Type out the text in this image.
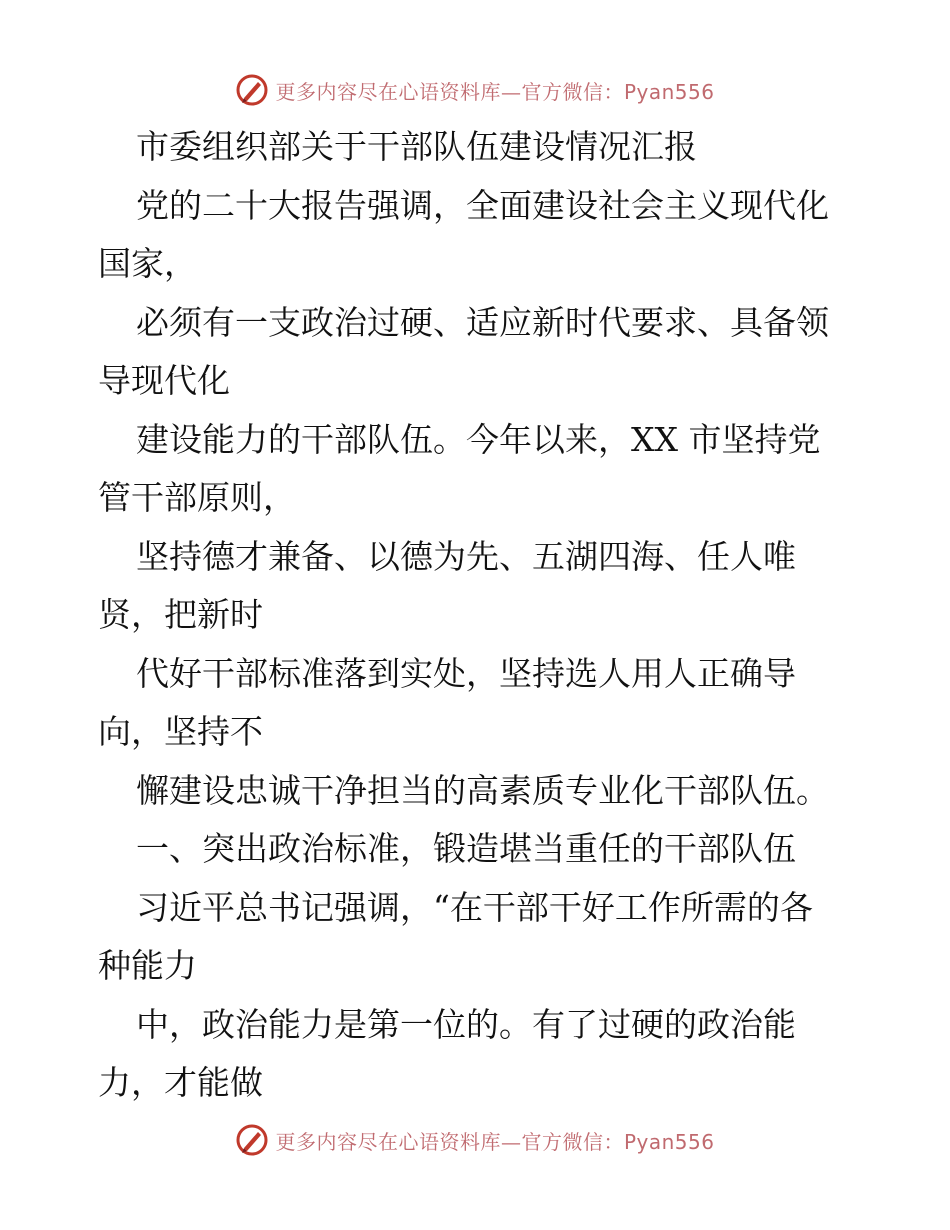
更多内容尽在心语资料库—官方微信：Pyan556
市委组织部关于干部队伍建设情况汇报
党的二十大报告强调，全面建设社会主义现代化
国家，
必须有一支政治过硬、适应新时代要求、具备领
导现代化
建设能力的干部队伍。今年以来，XX 市坚持党
管干部原则，
坚持德才兼备、以德为先、五湖四海、任人唯
贤，把新时
代好干部标准落到实处，坚持选人用人正确导
向，坚持不
懈建设忠诚干净担当的高素质专业化干部队伍。
一、突出政治标准，锻造堪当重任的干部队伍
习近平总书记强调，“在干部干好工作所需的各
种能力
中，政治能力是第一位的。有了过硬的政治能
力，才能做
更多内容尽在心语资料库—官方微信：Pyan556
